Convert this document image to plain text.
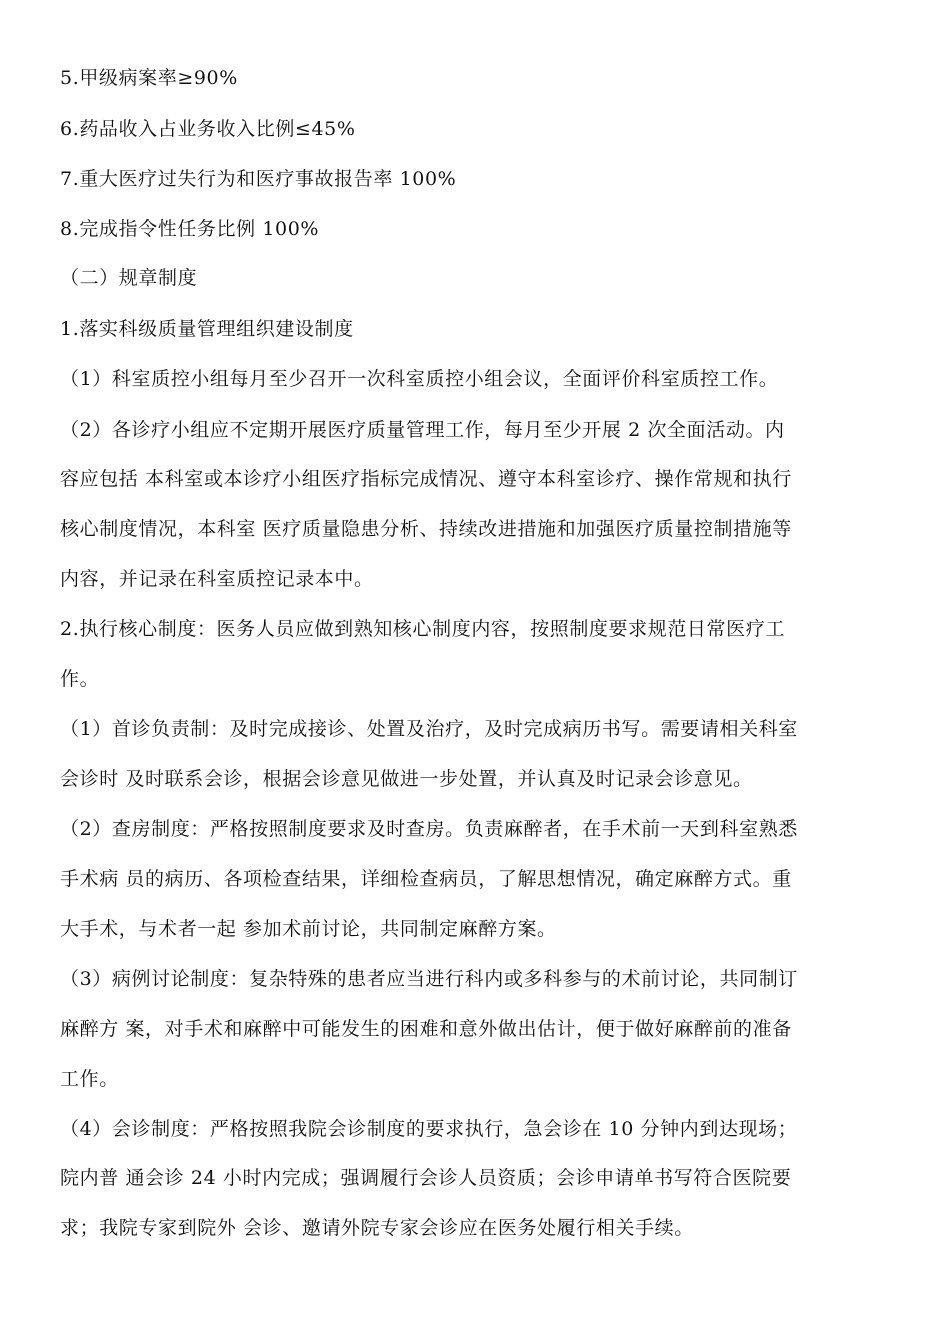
5.甲级病案率≥90%
6.药品收入占业务收入比例≤45%
7.重大医疗过失行为和医疗事故报告率 100%
8.完成指令性任务比例 100%
（二）规章制度
1.落实科级质量管理组织建设制度
（1）科室质控小组每月至少召开一次科室质控小组会议，全面评价科室质控工作。
（2）各诊疗小组应不定期开展医疗质量管理工作，每月至少开展 2 次全面活动。内
容应包括 本科室或本诊疗小组医疗指标完成情况、遵守本科室诊疗、操作常规和执行
核心制度情况，本科室 医疗质量隐患分析、持续改进措施和加强医疗质量控制措施等
内容，并记录在科室质控记录本中。
2.执行核心制度：医务人员应做到熟知核心制度内容，按照制度要求规范日常医疗工
作。
（1）首诊负责制：及时完成接诊、处置及治疗，及时完成病历书写。需要请相关科室
会诊时 及时联系会诊，根据会诊意见做进一步处置，并认真及时记录会诊意见。
（2）查房制度：严格按照制度要求及时查房。负责麻醉者，在手术前一天到科室熟悉
手术病 员的病历、各项检查结果，详细检查病员，了解思想情况，确定麻醉方式。重
大手术，与术者一起 参加术前讨论，共同制定麻醉方案。
（3）病例讨论制度：复杂特殊的患者应当进行科内或多科参与的术前讨论，共同制订
麻醉方 案，对手术和麻醉中可能发生的困难和意外做出估计，便于做好麻醉前的准备
工作。
（4）会诊制度：严格按照我院会诊制度的要求执行，急会诊在 10 分钟内到达现场；
院内普 通会诊 24 小时内完成；强调履行会诊人员资质；会诊申请单书写符合医院要
求；我院专家到院外 会诊、邀请外院专家会诊应在医务处履行相关手续。
